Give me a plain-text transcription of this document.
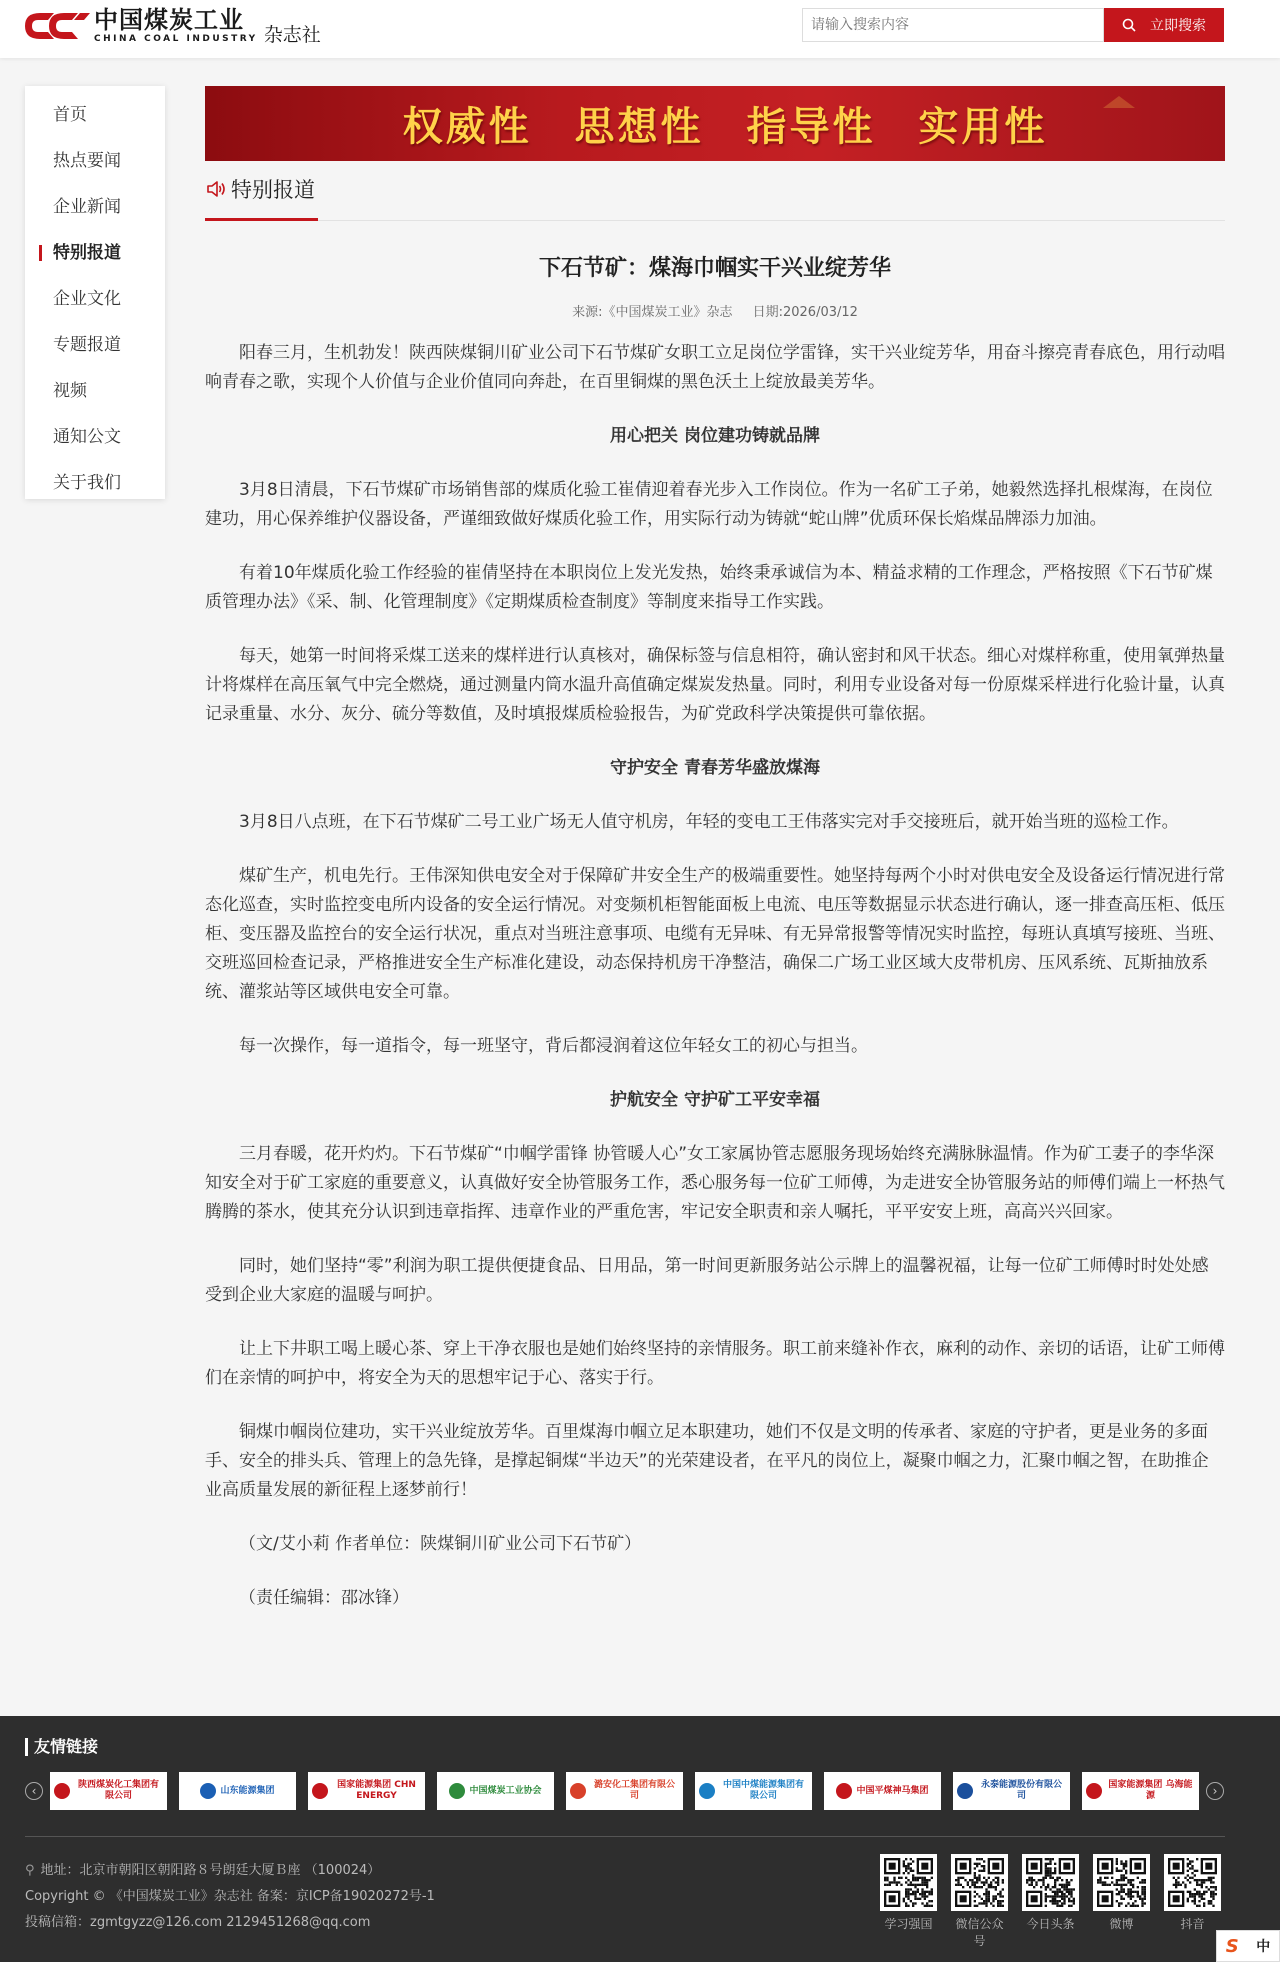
中国煤炭工业
CHINA COAL INDUSTRY 杂志社
请输入搜索内容	立即搜索
首页
热点要闻
企业新闻
特别报道
企业文化
专题报道
视频
通知公文
关于我们
权威性 思想性 指导性 实用性
特别报道
下石节矿：煤海巾帼实干兴业绽芳华
来源:《中国煤炭工业》杂志 日期:2026/03/12

阳春三月，生机勃发！陕西陕煤铜川矿业公司下石节煤矿女职工立足岗位学雷锋，实干兴业绽芳华，用奋斗擦亮青春底色，用行动唱响青春之歌，实现个人价值与企业价值同向奔赴，在百里铜煤的黑色沃土上绽放最美芳华。

用心把关 岗位建功铸就品牌

3月8日清晨，下石节煤矿市场销售部的煤质化验工崔倩迎着春光步入工作岗位。作为一名矿工子弟，她毅然选择扎根煤海，在岗位建功，用心保养维护仪器设备，严谨细致做好煤质化验工作，用实际行动为铸就“蛇山牌”优质环保长焰煤品牌添力加油。

有着10年煤质化验工作经验的崔倩坚持在本职岗位上发光发热，始终秉承诚信为本、精益求精的工作理念，严格按照《下石节矿煤质管理办法》《采、制、化管理制度》《定期煤质检查制度》等制度来指导工作实践。

每天，她第一时间将采煤工送来的煤样进行认真核对，确保标签与信息相符，确认密封和风干状态。细心对煤样称重，使用氧弹热量计将煤样在高压氧气中完全燃烧，通过测量内筒水温升高值确定煤炭发热量。同时，利用专业设备对每一份原煤采样进行化验计量，认真记录重量、水分、灰分、硫分等数值，及时填报煤质检验报告，为矿党政科学决策提供可靠依据。

守护安全 青春芳华盛放煤海

3月8日八点班，在下石节煤矿二号工业广场无人值守机房，年轻的变电工王伟落实完对手交接班后，就开始当班的巡检工作。

煤矿生产，机电先行。王伟深知供电安全对于保障矿井安全生产的极端重要性。她坚持每两个小时对供电安全及设备运行情况进行常态化巡查，实时监控变电所内设备的安全运行情况。对变频机柜智能面板上电流、电压等数据显示状态进行确认，逐一排查高压柜、低压柜、变压器及监控台的安全运行状况，重点对当班注意事项、电缆有无异味、有无异常报警等情况实时监控，每班认真填写接班、当班、交班巡回检查记录，严格推进安全生产标准化建设，动态保持机房干净整洁，确保二广场工业区域大皮带机房、压风系统、瓦斯抽放系统、灌浆站等区域供电安全可靠。

每一次操作，每一道指令，每一班坚守，背后都浸润着这位年轻女工的初心与担当。

护航安全 守护矿工平安幸福

三月春暖，花开灼灼。下石节煤矿“巾帼学雷锋 协管暖人心”女工家属协管志愿服务现场始终充满脉脉温情。作为矿工妻子的李华深知安全对于矿工家庭的重要意义，认真做好安全协管服务工作，悉心服务每一位矿工师傅，为走进安全协管服务站的师傅们端上一杯热气腾腾的茶水，使其充分认识到违章指挥、违章作业的严重危害，牢记安全职责和亲人嘱托，平平安安上班，高高兴兴回家。

同时，她们坚持“零”利润为职工提供便捷食品、日用品，第一时间更新服务站公示牌上的温馨祝福，让每一位矿工师傅时时处处感受到企业大家庭的温暖与呵护。

让上下井职工喝上暖心茶、穿上干净衣服也是她们始终坚持的亲情服务。职工前来缝补作衣，麻利的动作、亲切的话语，让矿工师傅们在亲情的呵护中，将安全为天的思想牢记于心、落实于行。

铜煤巾帼岗位建功，实干兴业绽放芳华。百里煤海巾帼立足本职建功，她们不仅是文明的传承者、家庭的守护者，更是业务的多面手、安全的排头兵、管理上的急先锋，是撑起铜煤“半边天”的光荣建设者，在平凡的岗位上，凝聚巾帼之力，汇聚巾帼之智，在助推企业高质量发展的新征程上逐梦前行！

（文/艾小莉 作者单位：陕煤铜川矿业公司下石节矿）

（责任编辑：邵冰锋）

友情链接
‹	陕西煤炭化工集团有限公司
山东能源集团
国家能源集团 CHN ENERGY
中国煤炭工业协会
潞安化工集团有限公司
中国中煤能源集团有限公司
中国平煤神马集团
永泰能源股份有限公司
国家能源集团 乌海能源	›
⚲ 地址：北京市朝阳区朝阳路８号朗廷大厦Ｂ座 （100024）
Copyright © 《中国煤炭工业》杂志社 备案：京ICP备19020272号-1
投稿信箱：zgmtgyzz@126.com 2129451268@qq.com	学习强国	微信公众号
今日头条	微博	抖音
S 中
